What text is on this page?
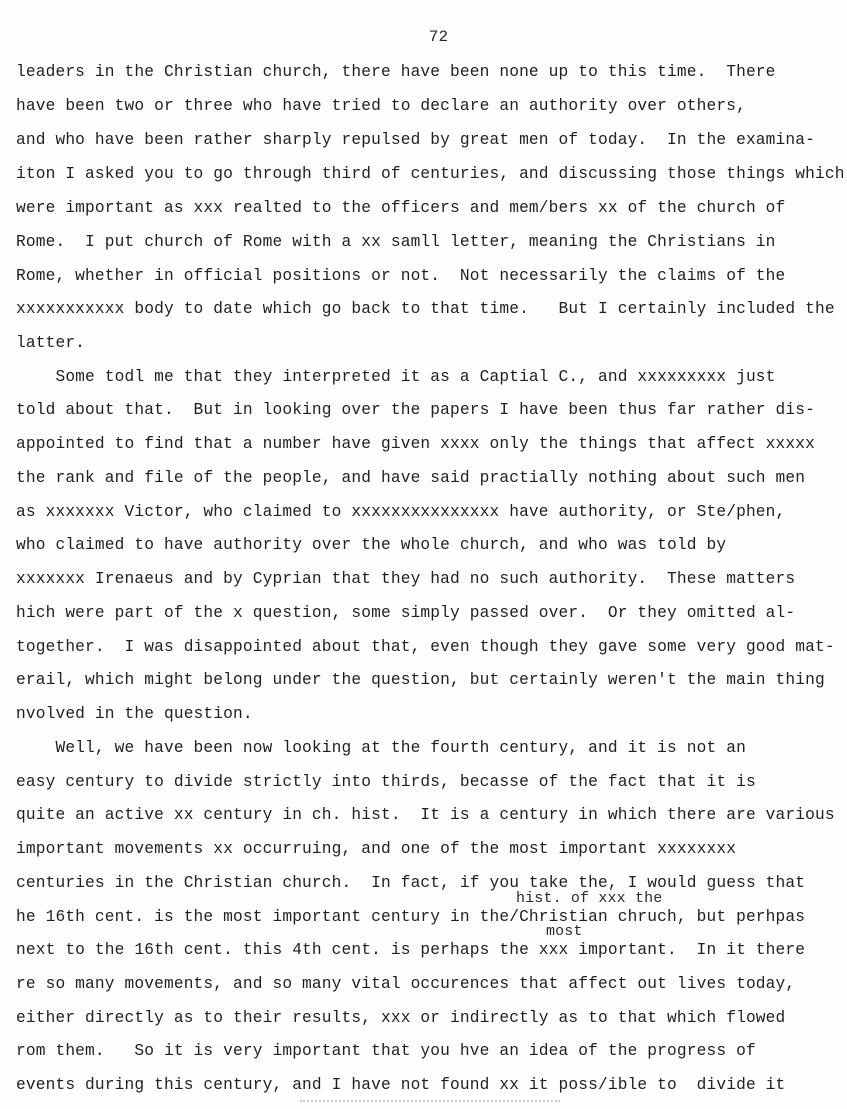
72
leaders in the Christian church, there have been none up to this time.  There
have been two or three who have tried to declare an authority over others,
and who have been rather sharply repulsed by great men of today.  In the examina-
iton I asked you to go through third of centuries, and discussing those things which
were important as xxx realted to the officers and mem/bers xx of the church of
Rome.  I put church of Rome with a xx samll letter, meaning the Christians in
Rome, whether in official positions or not.  Not necessarily the claims of the
xxxxxxxxxxx body to date which go back to that time.   But I certainly included the
latter.
Some todl me that they interpreted it as a Captial C., and xxxxxxxxx just
told about that.  But in looking over the papers I have been thus far rather dis-
appointed to find that a number have given xxxx only the things that affect xxxxx
the rank and file of the people, and have said practially nothing about such men
as xxxxxxx Victor, who claimed to xxxxxxxxxxxxxxx have authority, or Ste/phen,
who claimed to have authority over the whole church, and who was told by
xxxxxxx Irenaeus and by Cyprian that they had no such authority.  These matters
hich were part of the x question, some simply passed over.  Or they omitted al-
together.  I was disappointed about that, even though they gave some very good mat-
erail, which might belong under the question, but certainly weren't the main thing
nvolved in the question.
Well, we have been now looking at the fourth century, and it is not an
easy century to divide strictly into thirds, becasse of the fact that it is
quite an active xx century in ch. hist.  It is a century in which there are various
important movements xx occurruing, and one of the most important xxxxxxxx
centuries in the Christian church.  In fact, if you take the, I would guess that
he 16th cent. is the most important century in the/Christian chruch, but perhpas
next to the 16th cent. this 4th cent. is perhaps the xxx important.  In it there
re so many movements, and so many vital occurences that affect out lives today,
either directly as to their results, xxx or indirectly as to that which flowed
rom them.   So it is very important that you hve an idea of the progress of
events during this century, and I have not found xx it poss/ible to  divide it
hist. of xxx the
most
